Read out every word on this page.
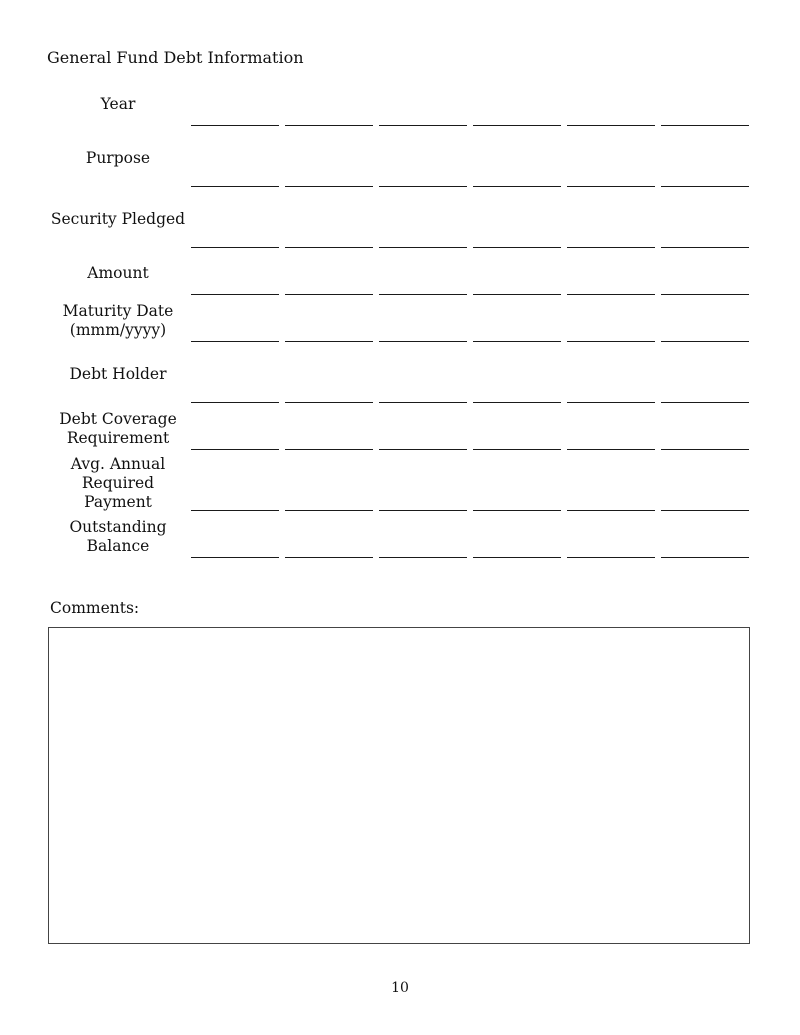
General Fund Debt Information
Year
Purpose
Security Pledged
Amount
Maturity Date
(mmm/yyyy)
Debt Holder
Debt Coverage
Requirement
Avg. Annual
Required
Payment
Outstanding
Balance
Comments:
10
